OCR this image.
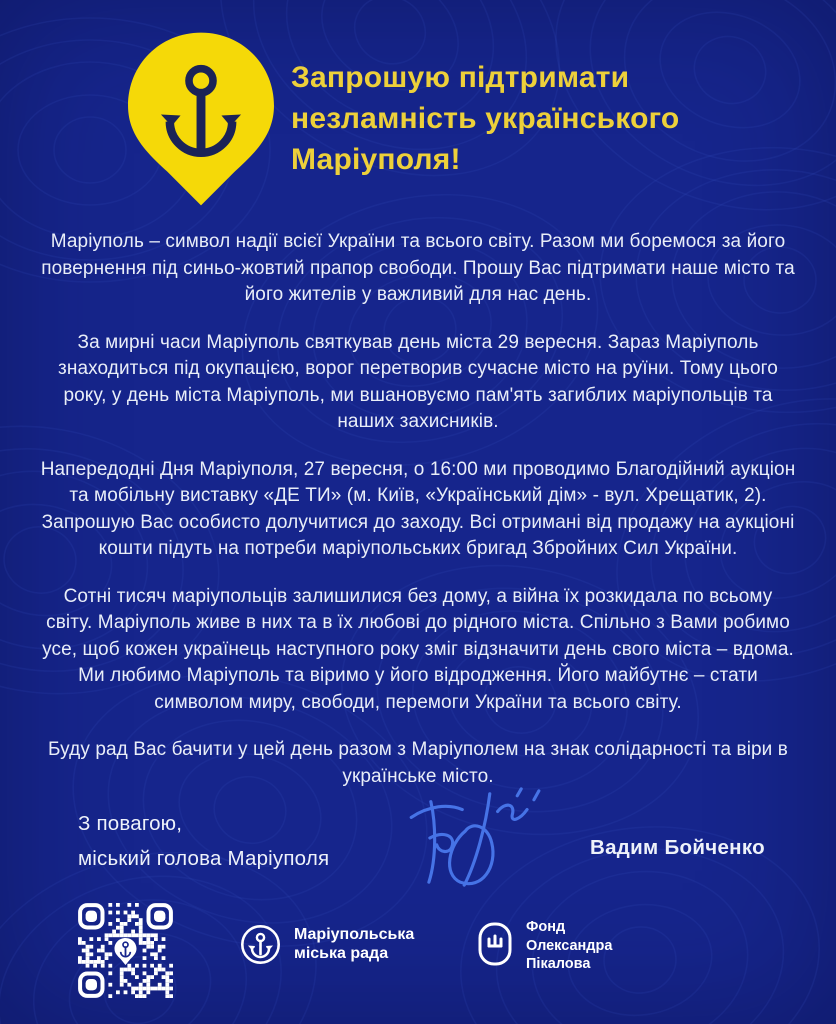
Запрошую підтримати
незламність українського
Маріуполя!

Маріуполь – символ надії всієї України та всього світу. Разом ми боремося за його повернення під синьо-жовтий прапор свободи. Прошу Вас підтримати наше місто та його жителів у важливий для нас день.

За мирні часи Маріуполь святкував день міста 29 вересня. Зараз Маріуполь знаходиться під окупацією, ворог перетворив сучасне місто на руїни. Тому цього року, у день міста Маріуполь, ми вшановуємо пам'ять загиблих маріупольців та наших захисників.

Напередодні Дня Маріуполя, 27 вересня, о 16:00 ми проводимо Благодійний аукціон та мобільну виставку «ДЕ ТИ» (м. Київ, «Український дім» - вул. Хрещатик, 2). Запрошую Вас особисто долучитися до заходу. Всі отримані від продажу на аукціоні кошти підуть на потреби маріупольських бригад Збройних Сил України.

Сотні тисяч маріупольців залишилися без дому, а війна їх розкидала по всьому світу. Маріуполь живе в них та в їх любові до рідного міста. Спільно з Вами робимо усе, щоб кожен українець наступного року зміг відзначити день свого міста – вдома. Ми любимо Маріуполь та віримо у його відродження. Його майбутнє – стати символом миру, свободи, перемоги України та всього світу.

Буду рад Вас бачити у цей день разом з Маріуполем на знак солідарності та віри в українське місто.

З повагою,
міський голова Маріуполя	Вадим Бойченко
Маріупольська
міська рада
Фонд
Олександра
Пікалова
